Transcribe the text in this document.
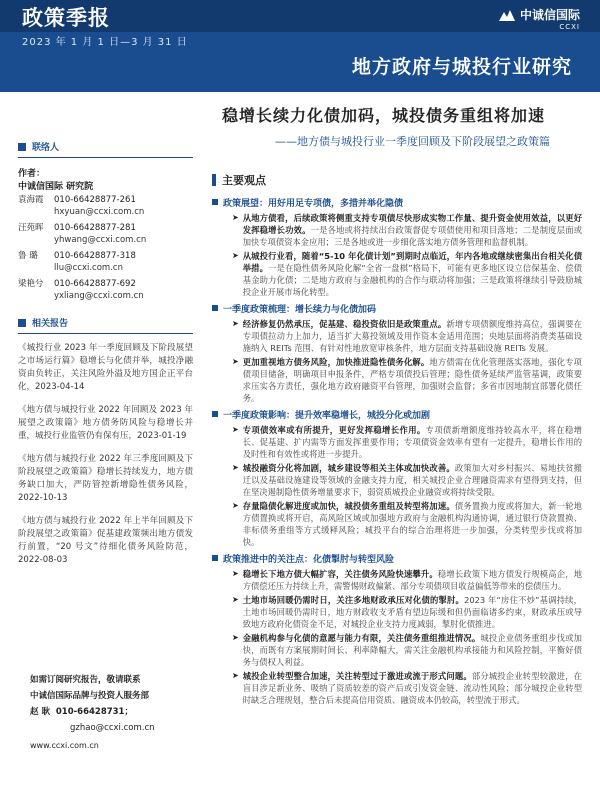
政策季报
2023 年 1 月 1 日—3 月 31 日
中诚信国际
CCXI
地方政府与城投行业研究
稳增长续力化债加码，城投债务重组将加速
——地方债与城投行业一季度回顾及下阶段展望之政策篇
联络人
作者：
中诚信国际 研究院
袁海霞	010-66428877-261
hxyuan@ccxi.com.cn
汪苑晖	010-66428877-281
yhwang@ccxi.com.cn
鲁 璐	010-66428877-318
llu@ccxi.com.cn
梁艳兮	010-66428877-692
yxliang@ccxi.com.cn
相关报告
《城投行业 2023 年一季度回顾及下阶段展望之市场运行篇》稳增长与化债并举，城投净融资由负转正，关注风险外溢及地方国企正平台化，2023-04-14
《地方债与城投行业 2022 年回顾及 2023 年展望之政策篇》地方债务防风险与稳增长并重，城投行业监管仍有保有压，2023-01-19
《地方债与城投行业 2022 年三季度回顾及下阶段展望之政策篇》稳增长持续发力，地方债务缺口加大，严防管控新增隐性债务风险，2022-10-13
《地方债与城投行业 2022 年上半年回顾及下阶段展望之政策篇》促基建政策频出地方债发行前置，“20 号文”待细化债务风险防范，2022-08-03
如需订阅研究报告，敬请联系
中诚信国际品牌与投资人服务部
赵 耿 010-66428731；
gzhao@ccxi.com.cn
www.ccxi.com.cn
主要观点
政策展望：用好用足专项债，多措并举化隐债
➤ 从地方债看，后续政策将侧重支持专项债尽快形成实物工作量、提升资金使用效益，以更好发挥稳增长功效。一是各地或将持续出台政策督促专项债使用和项目落地；二是制度层面或加快专项债资本金应用；三是各地或进一步细化落实地方债务管理和监督机制。
➤ 从城投行业看，随着“5-10 年化债计划”到期时点临近，年内各地或继续密集出台相关化债举措。一是在隐性债务风险化解“全省一盘棋”格局下，可能有更多地区设立信保基金、偿债基金助力化债；二是地方政府与金融机构的合作与联动将加强；三是政策将继续引导鼓励城投企业开展市场化转型。
一季度政策梳理：增长续力与化债加码
➤ 经济修复仍然承压，促基建、稳投资依旧是政策重点。新增专项债额度维持高位，强调要在专项债拉动力上加力，适当扩大募投领域及用作资本金适用范围；央地层面将消费类基础设施纳入 REITs 范围、有针对性地放宽审核条件，地方层面支持基础设施 REITs 发展。
➤ 更加重视地方债务风险，加快推进隐性债务化解。地方债需在优化管理落实落地，强化专项债项目储备，明确项目申报条件，严格专项债投后管理；隐性债务延续严监管基调，政策要求压实各方责任，强化地方政府融资平台管理，加强财会监督；多省市因地制宜部署化债任务。
一季度政策影响：提升效率稳增长，城投分化或加剧
➤ 专项债效率或有所提升，更好发挥稳增长作用。专项债新增额度维持较高水平，将在稳增长、促基建、扩内需等方面发挥重要作用；专项债资金效率有望有一定提升，稳增长作用的及时性和有效性或将进一步提升。
➤ 城投融资分化将加剧，城乡建设等相关主体或加快改善。政策加大对乡村振兴、易地扶贫搬迁以及基础设施建设等领域的金融支持力度，相关城投企业合理融资需求有望得到支持，但在坚决遏制隐性债务增量要求下，弱资质城投企业融资或将持续受限。
➤ 存量隐债化解进度或加快，城投债务重组及转型将加速。债务置换力度或将加大，新一轮地方债置换或将开启，高风险区域或加强地方政府与金融机构沟通协调，通过银行贷款置换、非标债务重组等方式缓释风险；城投平台的综合治理将进一步加强，分类转型步伐或将加快。
政策推进中的关注点：化债掣肘与转型风险
➤ 稳增长下地方债大幅扩容，关注债务风险快速攀升。稳增长政策下地方债发行规模高企，地方债偿还压力持续上升，需警惕财政偏紧、部分专项债项目收益偏低等带来的偿债压力。
➤ 土地市场回暖仍需时日，关注多地财政承压对化债的掣肘。2023 年“房住不炒”基调持续，土地市场回暖仍需时日，地方财政收支矛盾有望边际缓和但仍面临诸多约束，财政承压或导致地方政府化债资金不足，对城投企业支持力度减弱，掣肘化债推进。
➤ 金融机构参与化债的意愿与能力有限，关注债务重组推进情况。城投企业债务重组步伐或加快，而既有方案展期时间长、利率降幅大，需关注金融机构承接能力和风险控制，平衡好债务与债权人利益。
➤ 城投企业转型整合加速，关注转型过于激进或流于形式问题。部分城投企业转型较激进，在盲目涉足新业务、吸纳了资质较差的资产后或引发资金链、流动性风险；部分城投企业转型时缺乏合理规划，整合后未提高信用资质、融资成本仍较高，转型流于形式。
